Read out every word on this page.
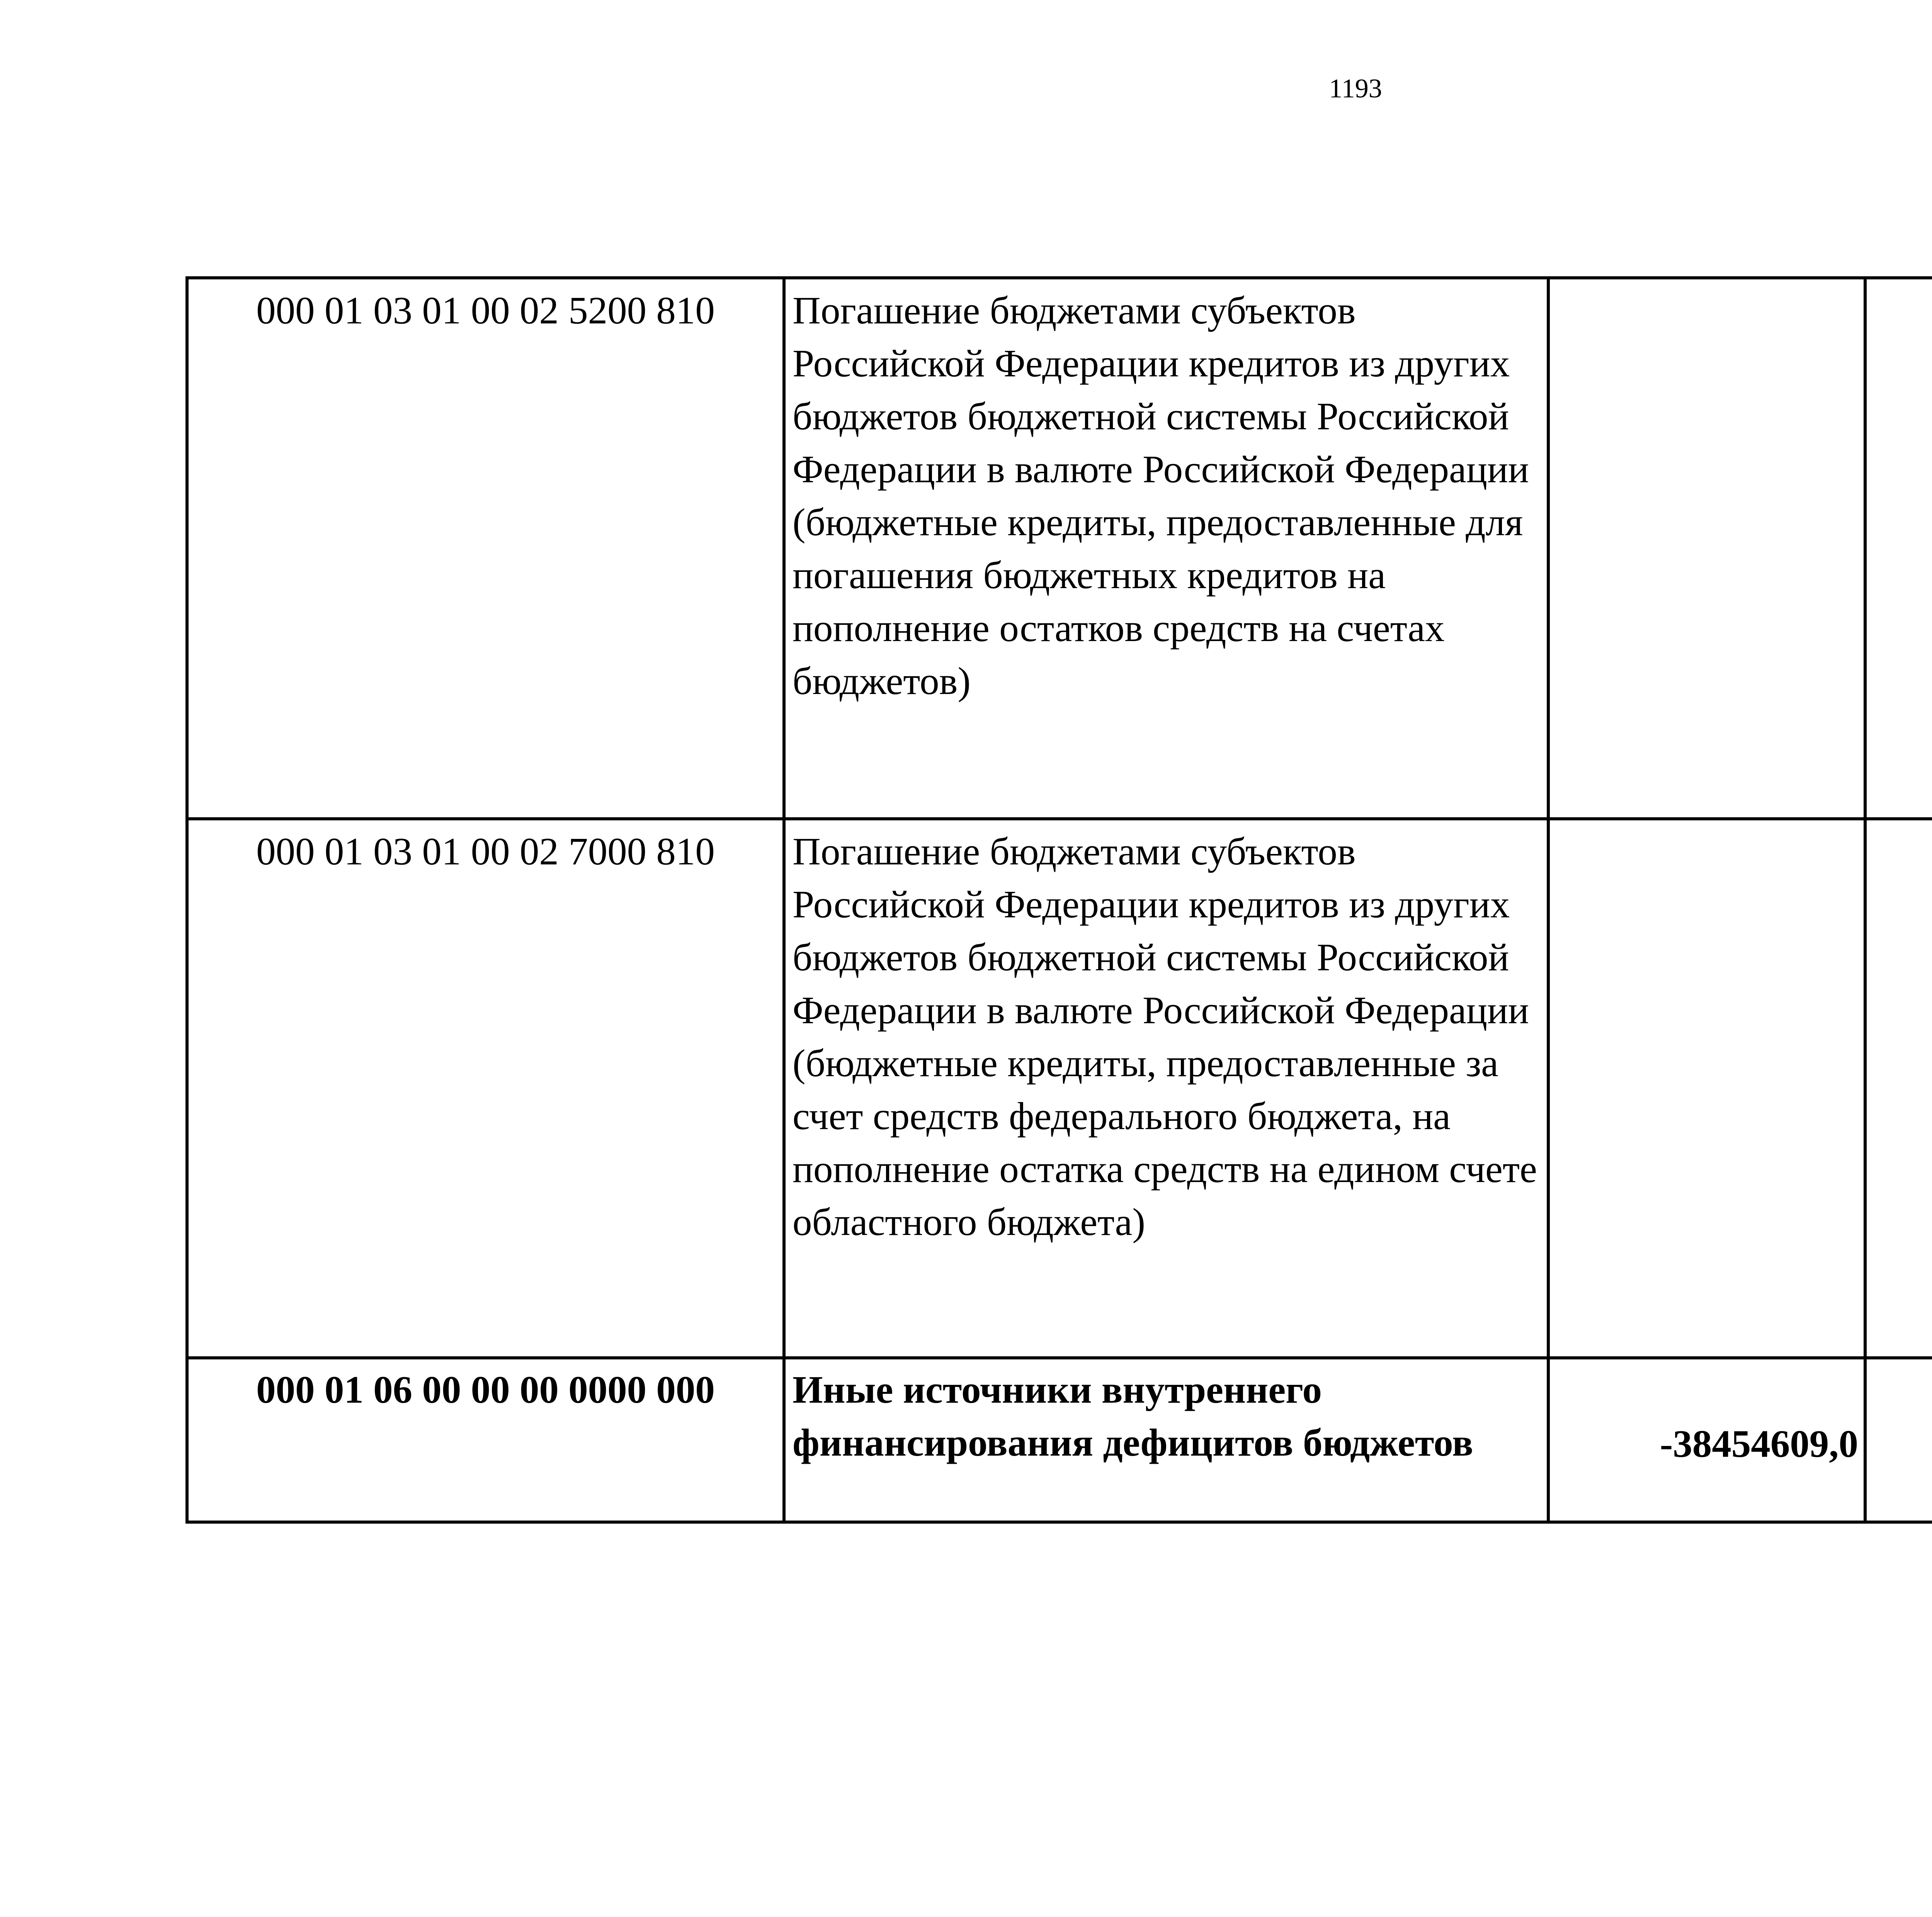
1193
000 01 03 01 00 02 5200 810	Погашение бюджетами субъектов Российской Федерации кредитов из других бюджетов бюджетной системы Российской Федерации в валюте Российской Федерации (бюджетные кредиты, предоставленные для погашения бюджетных кредитов на пополнение остатков средств на счетах бюджетов)			
000 01 03 01 00 02 7000 810	Погашение бюджетами субъектов Российской Федерации кредитов из других бюджетов бюджетной системы Российской Федерации в валюте Российской Федерации (бюджетные кредиты, предоставленные за счет средств федерального бюджета, на пополнение остатка средств на едином счете областного бюджета)			
000 01 06 00 00 00 0000 000	Иные источники внутреннего финансирования дефицитов бюджетов	-38454609,0		
